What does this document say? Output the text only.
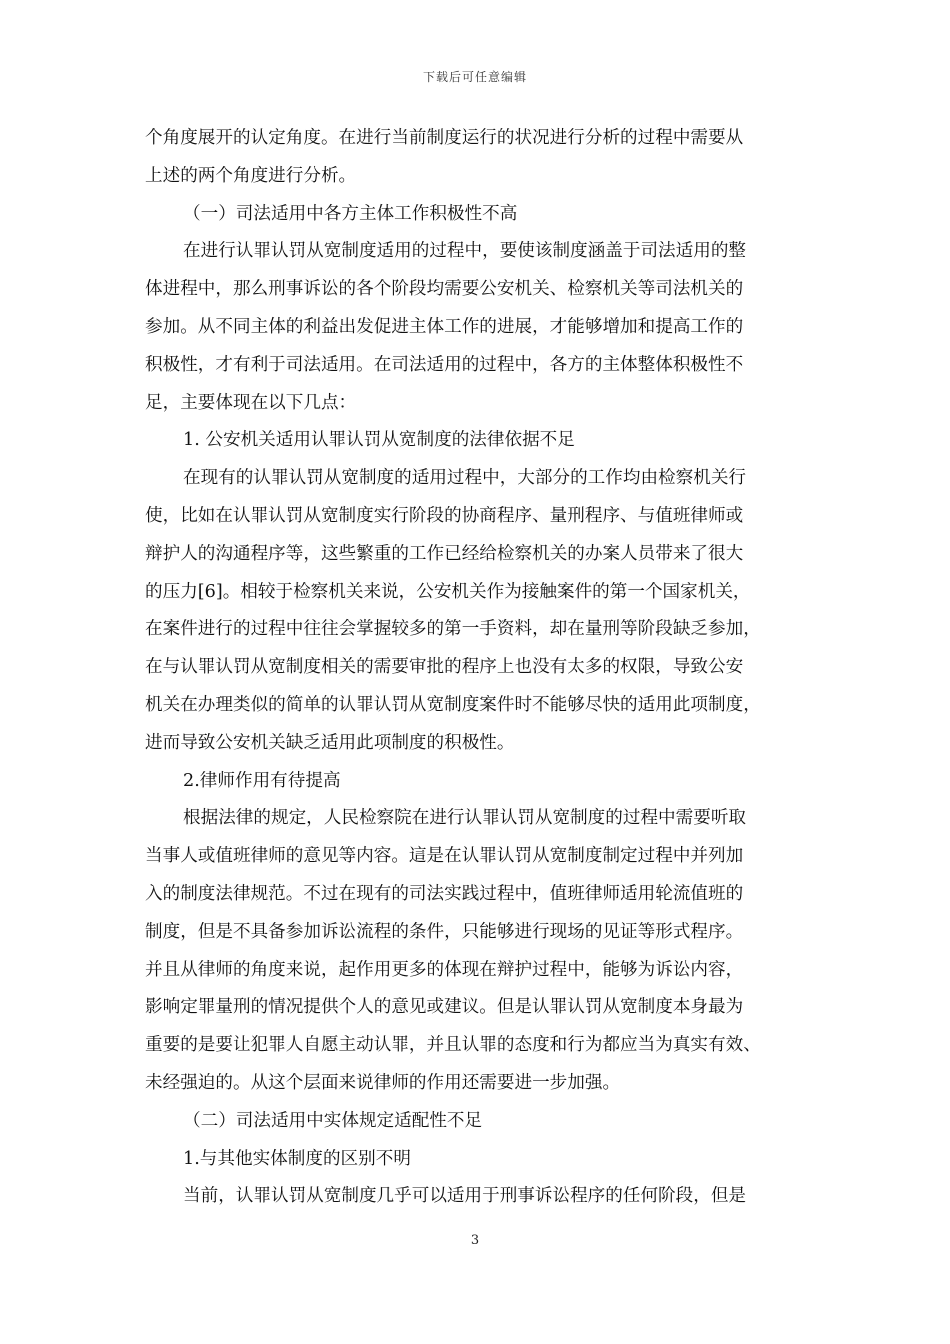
下载后可任意编辑
个角度展开的认定角度。在进行当前制度运行的状况进行分析的过程中需要从
上述的两个角度进行分析。
（一）司法适用中各方主体工作积极性不高
在进行认罪认罚从宽制度适用的过程中，要使该制度涵盖于司法适用的整
体进程中，那么刑事诉讼的各个阶段均需要公安机关、检察机关等司法机关的
参加。从不同主体的利益出发促进主体工作的进展，才能够增加和提高工作的
积极性，才有利于司法适用。在司法适用的过程中，各方的主体整体积极性不
足，主要体现在以下几点：
1. 公安机关适用认罪认罚从宽制度的法律依据不足
在现有的认罪认罚从宽制度的适用过程中，大部分的工作均由检察机关行
使，比如在认罪认罚从宽制度实行阶段的协商程序、量刑程序、与值班律师或
辩护人的沟通程序等，这些繁重的工作已经给检察机关的办案人员带来了很大
的压力[6]。相较于检察机关来说，公安机关作为接触案件的第一个国家机关，
在案件进行的过程中往往会掌握较多的第一手资料，却在量刑等阶段缺乏参加，
在与认罪认罚从宽制度相关的需要审批的程序上也没有太多的权限，导致公安
机关在办理类似的简单的认罪认罚从宽制度案件时不能够尽快的适用此项制度，
进而导致公安机关缺乏适用此项制度的积极性。
2.律师作用有待提高
根据法律的规定，人民检察院在进行认罪认罚从宽制度的过程中需要听取
当事人或值班律师的意见等内容。這是在认罪认罚从宽制度制定过程中并列加
入的制度法律规范。不过在现有的司法实践过程中，值班律师适用轮流值班的
制度，但是不具备参加诉讼流程的条件，只能够进行现场的见证等形式程序。
并且从律师的角度来说，起作用更多的体现在辩护过程中，能够为诉讼内容，
影响定罪量刑的情况提供个人的意见或建议。但是认罪认罚从宽制度本身最为
重要的是要让犯罪人自愿主动认罪，并且认罪的态度和行为都应当为真实有效、
未经强迫的。从这个层面来说律师的作用还需要进一步加强。
（二）司法适用中实体规定适配性不足
1.与其他实体制度的区别不明
当前，认罪认罚从宽制度几乎可以适用于刑事诉讼程序的任何阶段，但是
3
